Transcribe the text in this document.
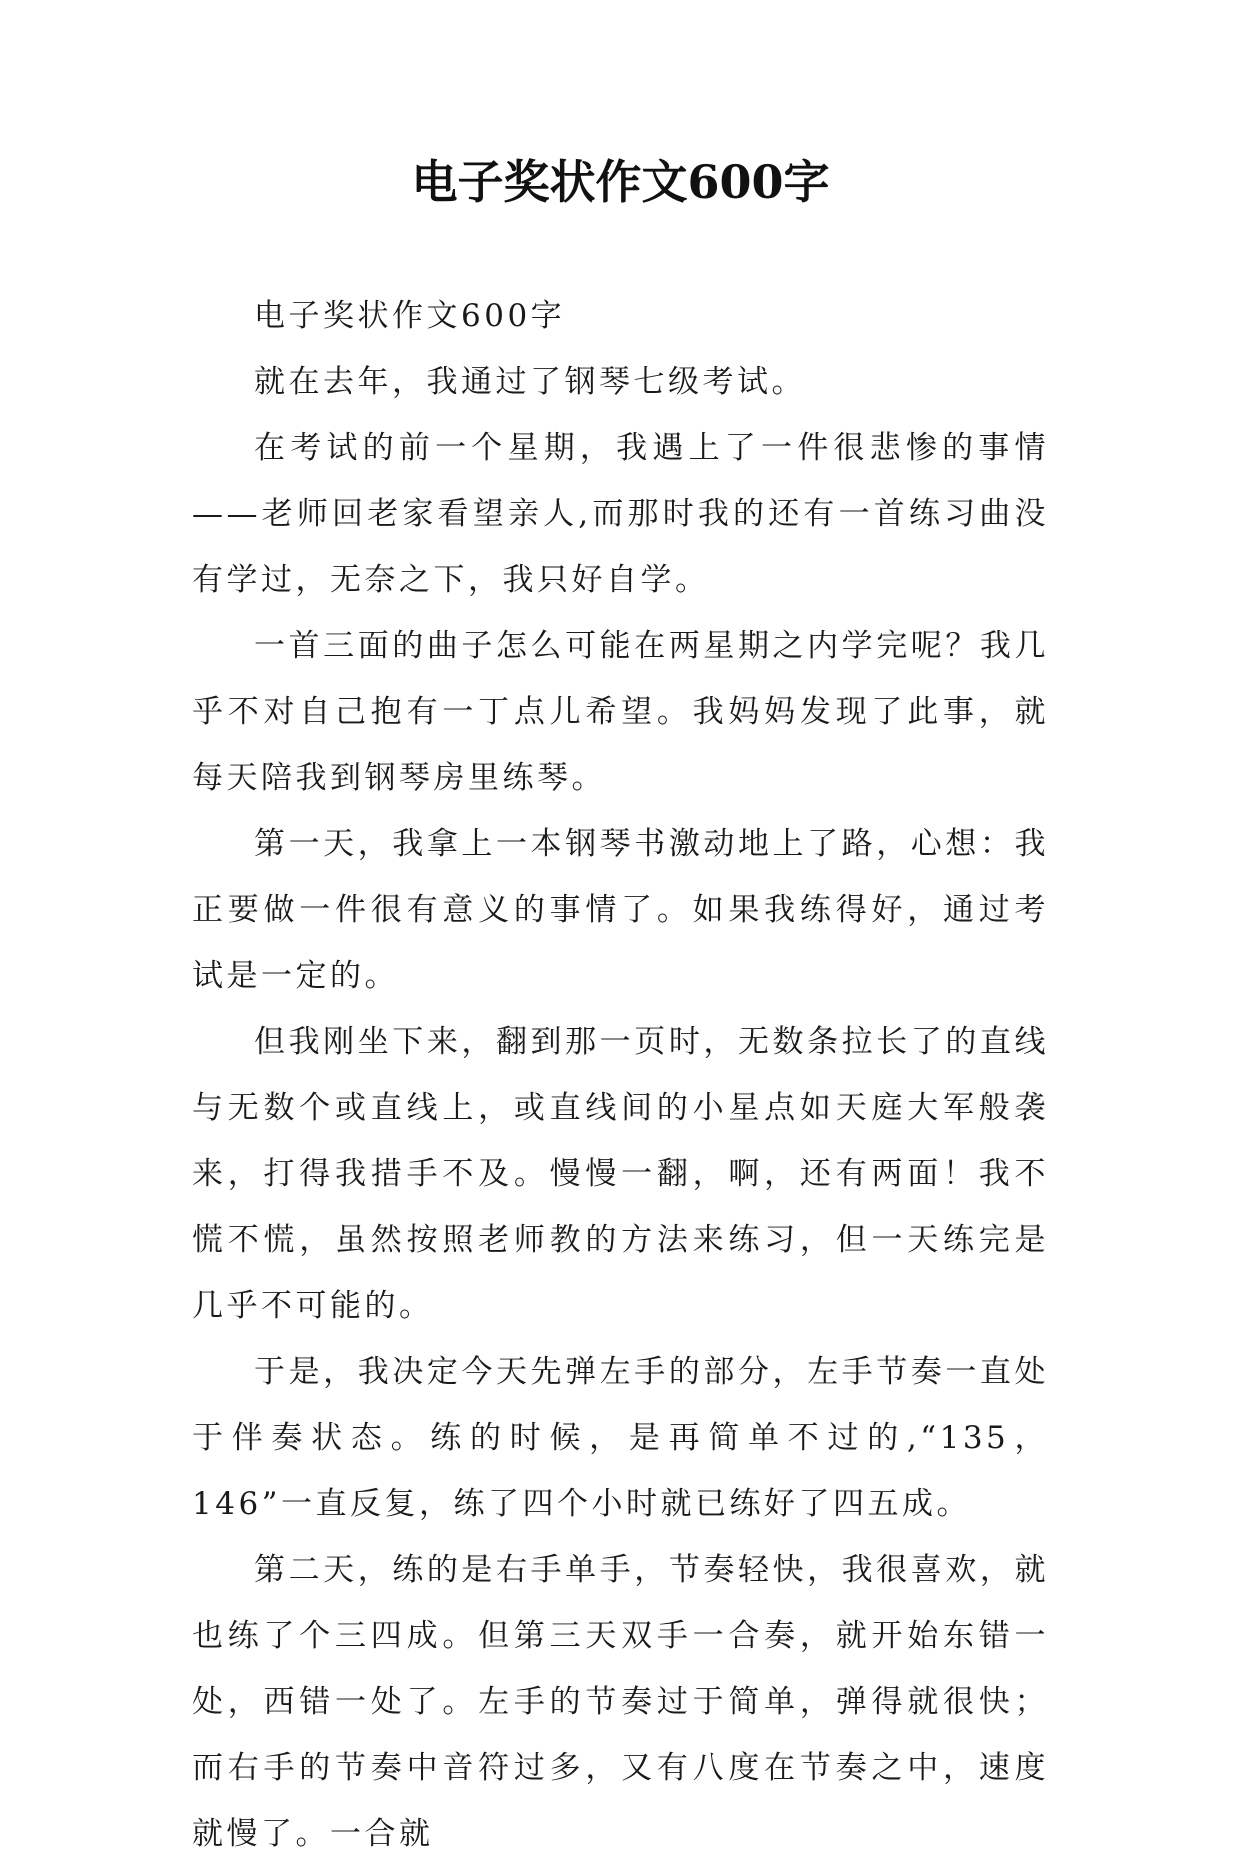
电子奖状作文600字

电子奖状作文600字

就在去年，我通过了钢琴七级考试。

在考试的前一个星期，我遇上了一件很悲惨的事情——老师回老家看望亲人,而那时我的还有一首练习曲没有学过，无奈之下，我只好自学。

一首三面的曲子怎么可能在两星期之内学完呢？我几乎不对自己抱有一丁点儿希望。我妈妈发现了此事，就每天陪我到钢琴房里练琴。

第一天，我拿上一本钢琴书激动地上了路，心想：我正要做一件很有意义的事情了。如果我练得好，通过考试是一定的。

但我刚坐下来，翻到那一页时，无数条拉长了的直线与无数个或直线上，或直线间的小星点如天庭大军般袭来，打得我措手不及。慢慢一翻，啊，还有两面！我不慌不慌，虽然按照老师教的方法来练习，但一天练完是几乎不可能的。

于是，我决定今天先弹左手的部分，左手节奏一直处于伴奏状态。练的时候，是再简单不过的,“135，146”一直反复，练了四个小时就已练好了四五成。

第二天，练的是右手单手，节奏轻快，我很喜欢，就也练了个三四成。但第三天双手一合奏，就开始东错一处，西错一处了。左手的节奏过于简单，弹得就很快；而右手的节奏中音符过多，又有八度在节奏之中，速度就慢了。一合就
